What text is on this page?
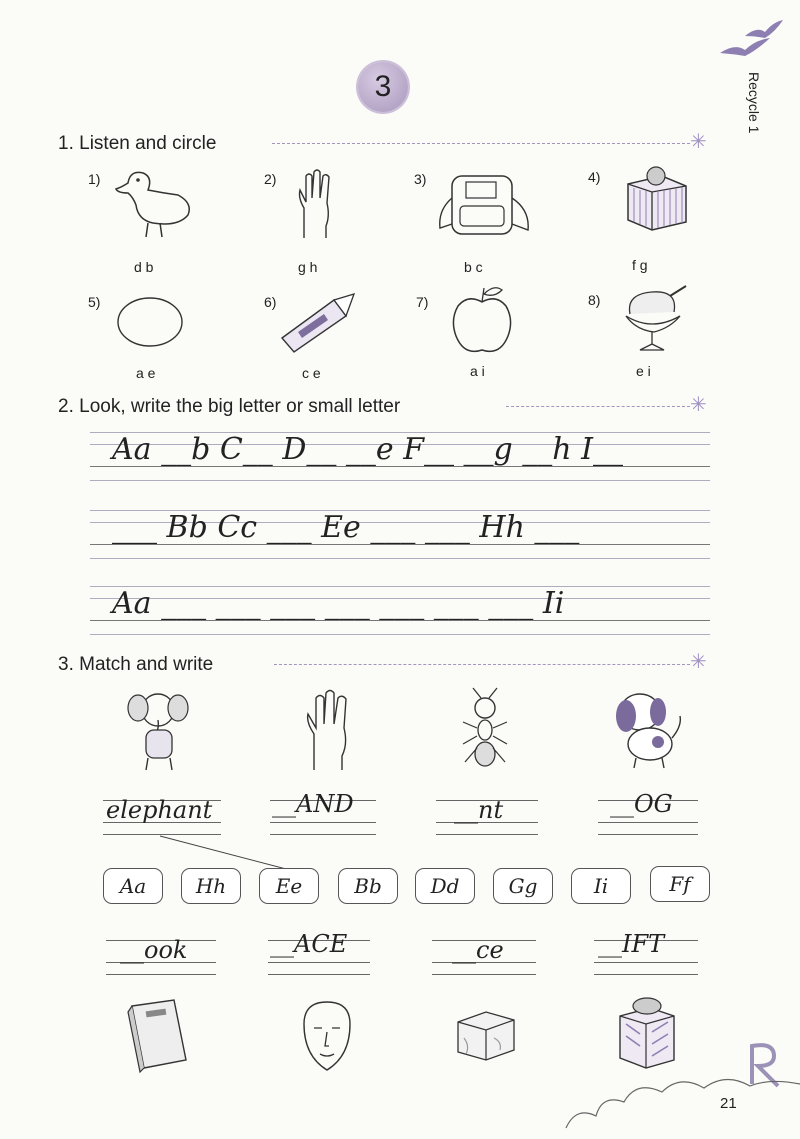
Recycle 1
3
1. Listen and circle	✳
1)
d b
2)
g h
3)
b c
4)
f g
5)
a e
6)
c e
7)
a i
8)
e i
2. Look, write the big letter or small letter	✳
Aa __b C__ D__ __e F__ __g __h I__
___ Bb Cc ___ Ee ___ ___ Hh ___
Aa ___ ___ ___ ___ ___ ___ ___ Ii
3. Match and write	✳
elephant __AND	__nt	__OG
Aa	Hh	Ee	Bb	Dd	Gg	Ii	Ff
__ook	__ACE	__ce	__IFT
21
